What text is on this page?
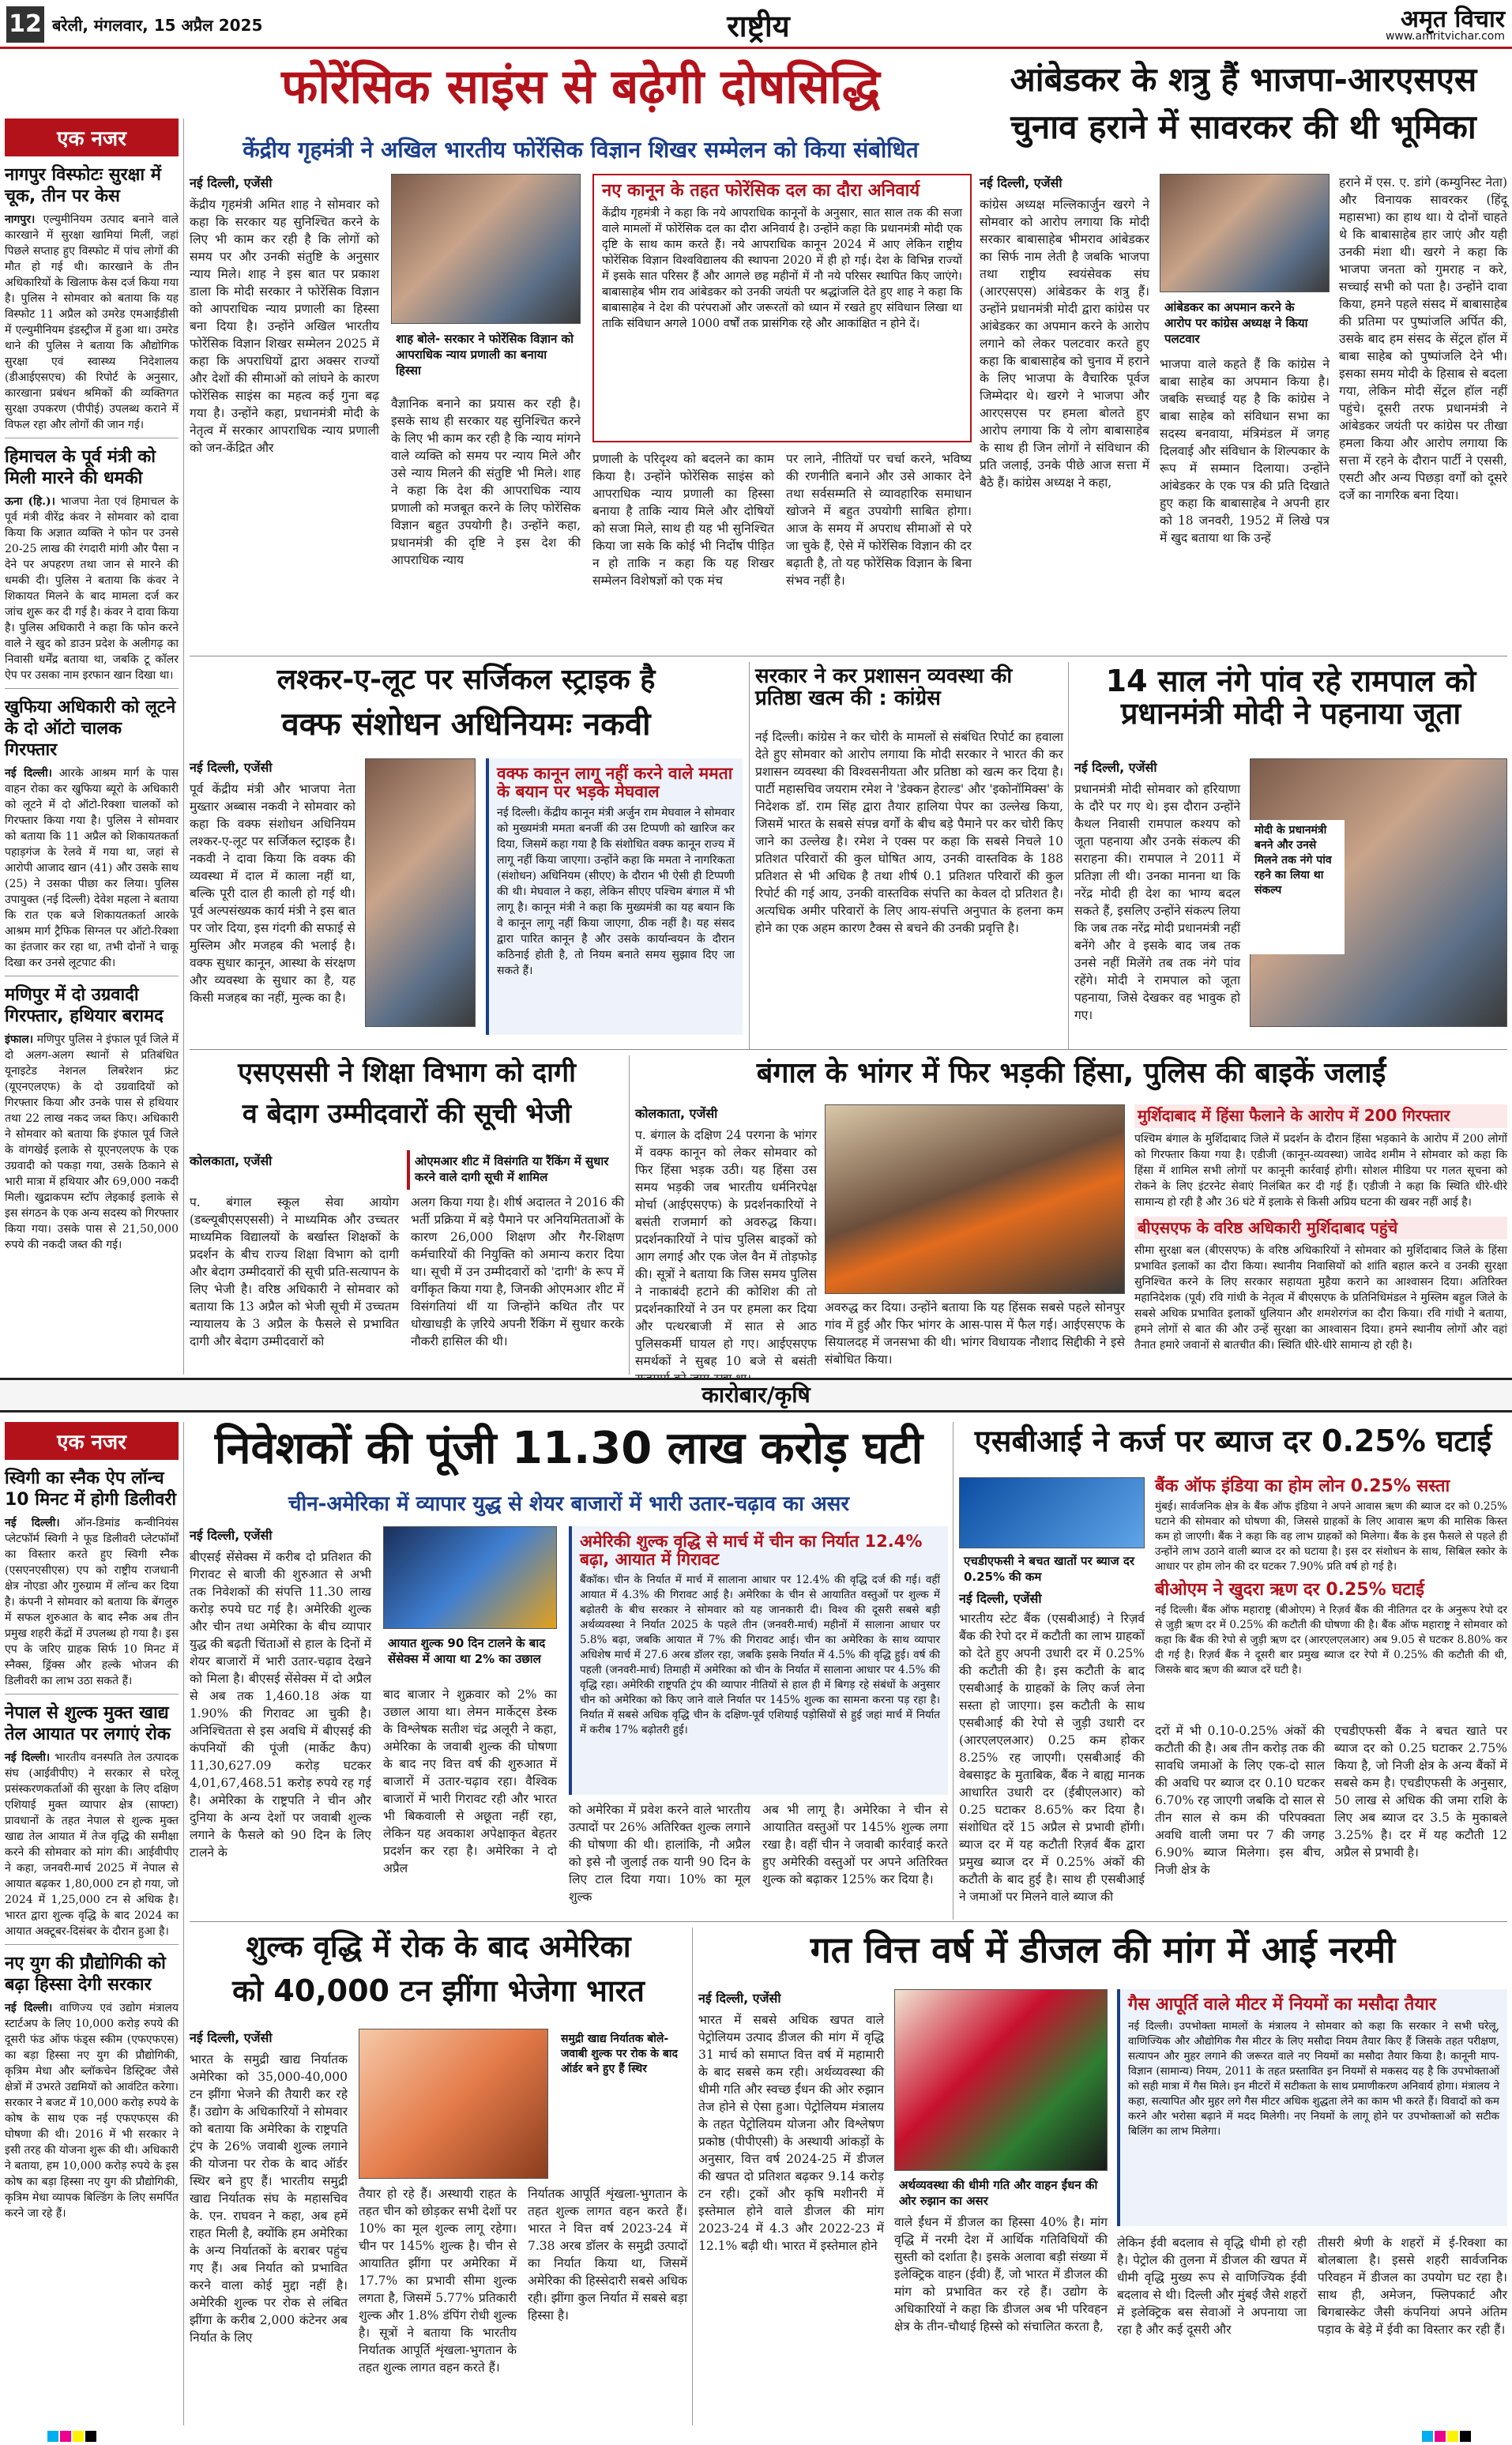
12 बरेली, मंगलवार, 15 अप्रैल 2025	राष्ट्रीय	अमृत विचार
www.amritvichar.com
एक नजर
नागपुर विस्फोटः सुरक्षा में चूक, तीन पर केस
नागपुर। एल्युमीनियम उत्पाद बनाने वाले कारखाने में सुरक्षा खामियां मिलीं, जहां पिछले सप्ताह हुए विस्फोट में पांच लोगों की मौत हो गई थी। कारखाने के तीन अधिकारियों के खिलाफ केस दर्ज किया गया है। पुलिस ने सोमवार को बताया कि यह विस्फोट 11 अप्रैल को उमरेड एमआईडीसी में एल्युमीनियम इंडस्ट्रीज में हुआ था। उमरेड थाने की पुलिस ने बताया कि औद्योगिक सुरक्षा एवं स्वास्थ्य निदेशालय (डीआईएसएच) की रिपोर्ट के अनुसार, कारखाना प्रबंधन श्रमिकों की व्यक्तिगत सुरक्षा उपकरण (पीपीई) उपलब्ध कराने में विफल रहा और लोगों की जान गई।
हिमाचल के पूर्व मंत्री को मिली मारने की धमकी
ऊना (हि.)। भाजपा नेता एवं हिमाचल के पूर्व मंत्री वीरेंद्र कंवर ने सोमवार को दावा किया कि अज्ञात व्यक्ति ने फोन पर उनसे 20-25 लाख की रंगदारी मांगी और पैसा न देने पर अपहरण तथा जान से मारने की धमकी दी। पुलिस ने बताया कि कंवर ने शिकायत मिलने के बाद मामला दर्ज कर जांच शुरू कर दी गई है। कंवर ने दावा किया है। पुलिस अधिकारी ने कहा कि फोन करने वाले ने खुद को डाउन प्रदेश के अलीगढ़ का निवासी धर्मेंद्र बताया था, जबकि टू कॉलर ऐप पर उसका नाम इरफान खान दिखा था।
खुफिया अधिकारी को लूटने के दो ऑटो चालक गिरफ्तार
नई दिल्ली। आरके आश्रम मार्ग के पास वाहन रोका कर खुफिया ब्यूरो के अधिकारी को लूटने में दो ऑटो-रिक्शा चालकों को गिरफ्तार किया गया है। पुलिस ने सोमवार को बताया कि 11 अप्रैल को शिकायतकर्ता पहाड़गंज के रेलवे में गया था, जहां से आरोपी आजाद खान (41) और उसके साथ (25) ने उसका पीछा कर लिया। पुलिस उपायुक्त (नई दिल्ली) देवेश महला ने बताया कि रात एक बजे शिकायतकर्ता आरके आश्रम मार्ग ट्रैफिक सिग्नल पर ऑटो-रिक्शा का इंतजार कर रहा था, तभी दोनों ने चाकू दिखा कर उनसे लूटपाट की।
मणिपुर में दो उग्रवादी गिरफ्तार, हथियार बरामद
इंफाल। मणिपुर पुलिस ने इंफाल पूर्व जिले में दो अलग-अलग स्थानों से प्रतिबंधित यूनाइटेड नेशनल लिबरेशन फ्रंट (यूएनएलएफ) के दो उग्रवादियों को गिरफ्तार किया और उनके पास से हथियार तथा 22 लाख नकद जब्त किए। अधिकारी ने सोमवार को बताया कि इंफाल पूर्व जिले के वांगखेई इलाके से यूएनएलएफ के एक उग्रवादी को पकड़ा गया, उसके ठिकाने से भारी मात्रा में हथियार और 69,000 नकदी मिली। खुद्राकपम स्टॉप लेइकाई इलाके से इस संगठन के एक अन्य सदस्य को गिरफ्तार किया गया। उसके पास से 21,50,000 रुपये की नकदी जब्त की गई।
फोरेंसिक साइंस से बढ़ेगी दोषसिद्धि
केंद्रीय गृहमंत्री ने अखिल भारतीय फोरेंसिक विज्ञान शिखर सम्मेलन को किया संबोधित
नई दिल्ली, एजेंसी
केंद्रीय गृहमंत्री अमित शाह ने सोमवार को कहा कि सरकार यह सुनिश्चित करने के लिए भी काम कर रही है कि लोगों को समय पर और उनकी संतुष्टि के अनुसार न्याय मिले। शाह ने इस बात पर प्रकाश डाला कि मोदी सरकार ने फोरेंसिक विज्ञान को आपराधिक न्याय प्रणाली का हिस्सा बना दिया है। उन्होंने अखिल भारतीय फोरेंसिक विज्ञान शिखर सम्मेलन 2025 में कहा कि अपराधियों द्वारा अक्सर राज्यों और देशों की सीमाओं को लांघने के कारण फोरेंसिक साइंस का महत्व कई गुना बढ़ गया है। उन्होंने कहा, प्रधानमंत्री मोदी के नेतृत्व में सरकार आपराधिक न्याय प्रणाली को जन-केंद्रित और
शाह बोले- सरकार ने फोरेंसिक विज्ञान को आपराधिक न्याय प्रणाली का बनाया हिस्सा
वैज्ञानिक बनाने का प्रयास कर रही है। इसके साथ ही सरकार यह सुनिश्चित करने के लिए भी काम कर रही है कि न्याय मांगने वाले व्यक्ति को समय पर न्याय मिले और उसे न्याय मिलने की संतुष्टि भी मिले। शाह ने कहा कि देश की आपराधिक न्याय प्रणाली को मजबूत करने के लिए फोरेंसिक विज्ञान बहुत उपयोगी है। उन्होंने कहा, प्रधानमंत्री की दृष्टि ने इस देश की आपराधिक न्याय
नए कानून के तहत फोरेंसिक दल का दौरा अनिवार्य
केंद्रीय गृहमंत्री ने कहा कि नये आपराधिक कानूनों के अनुसार, सात साल तक की सजा वाले मामलों में फोरेंसिक दल का दौरा अनिवार्य है। उन्होंने कहा कि प्रधानमंत्री मोदी एक दृष्टि के साथ काम करते हैं। नये आपराधिक कानून 2024 में आए लेकिन राष्ट्रीय फोरेंसिक विज्ञान विश्वविद्यालय की स्थापना 2020 में ही हो गई। देश के विभिन्न राज्यों में इसके सात परिसर हैं और आगले छह महीनों में नौ नये परिसर स्थापित किए जाएंगे। बाबासाहेब भीम राव आंबेडकर को उनकी जयंती पर श्रद्धांजलि देते हुए शाह ने कहा कि बाबासाहेब ने देश की परंपराओं और जरूरतों को ध्यान में रखते हुए संविधान लिखा था ताकि संविधान अगले 1000 वर्षों तक प्रासंगिक रहे और आकांक्षित न होने दें।
प्रणाली के परिदृश्य को बदलने का काम किया है। उन्होंने फोरेंसिक साइंस को आपराधिक न्याय प्रणाली का हिस्सा बनाया है ताकि न्याय मिले और दोषियों को सजा मिले, साथ ही यह भी सुनिश्चित किया जा सके कि कोई भी निर्दोष पीड़ित न हो ताकि न कहा कि यह शिखर सम्मेलन विशेषज्ञों को एक मंच
पर लाने, नीतियों पर चर्चा करने, भविष्य की रणनीति बनाने और उसे आकार देने तथा सर्वसम्मति से व्यावहारिक समाधान खोजने में बहुत उपयोगी साबित होगा। आज के समय में अपराध सीमाओं से परे जा चुके हैं, ऐसे में फोरेंसिक विज्ञान की दर बढ़ाती है, तो यह फोरेंसिक विज्ञान के बिना संभव नहीं है।
आंबेडकर के शत्रु हैं भाजपा-आरएसएस
चुनाव हराने में सावरकर की थी भूमिका
नई दिल्ली, एजेंसी
कांग्रेस अध्यक्ष मल्लिकार्जुन खरगे ने सोमवार को आरोप लगाया कि मोदी सरकार बाबासाहेब भीमराव आंबेडकर का सिर्फ नाम लेती है जबकि भाजपा तथा राष्ट्रीय स्वयंसेवक संघ (आरएसएस) आंबेडकर के शत्रु हैं। उन्होंने प्रधानमंत्री मोदी द्वारा कांग्रेस पर आंबेडकर का अपमान करने के आरोप लगाने को लेकर पलटवार करते हुए कहा कि बाबासाहेब को चुनाव में हराने के लिए भाजपा के वैचारिक पूर्वज जिम्मेदार थे। खरगे ने भाजपा और आरएसएस पर हमला बोलते हुए आरोप लगाया कि ये लोग बाबासाहेब के साथ ही जिन लोगों ने संविधान की प्रति जलाई, उनके पीछे आज सत्ता में बैठे हैं। कांग्रेस अध्यक्ष ने कहा,
आंबेडकर का अपमान करने के आरोप पर कांग्रेस अध्यक्ष ने किया पलटवार
भाजपा वाले कहते हैं कि कांग्रेस ने बाबा साहेब का अपमान किया है। जबकि सच्चाई यह है कि कांग्रेस ने बाबा साहेब को संविधान सभा का सदस्य बनवाया, मंत्रिमंडल में जगह दिलवाई और संविधान के शिल्पकार के रूप में सम्मान दिलाया। उन्होंने आंबेडकर के एक पत्र की प्रति दिखाते हुए कहा कि बाबासाहेब ने अपनी हार को 18 जनवरी, 1952 में लिखे पत्र में खुद बताया था कि उन्हें
हराने में एस. ए. डांगे (कम्युनिस्ट नेता) और विनायक सावरकर (हिंदू महासभा) का हाथ था। ये दोनों चाहते थे कि बाबासाहेब हार जाएं और यही उनकी मंशा थी। खरगे ने कहा कि भाजपा जनता को गुमराह न करे, सच्चाई सभी को पता है। उन्होंने दावा किया, हमने पहले संसद में बाबासाहेब की प्रतिमा पर पुष्पांजलि अर्पित की, उसके बाद हम संसद के सेंट्रल हॉल में बाबा साहेब को पुष्पांजलि देने भी। इसका समय मोदी के हिसाब से बदला गया, लेकिन मोदी सेंट्रल हॉल नहीं पहुंचे। दूसरी तरफ प्रधानमंत्री ने आंबेडकर जयंती पर कांग्रेस पर तीखा हमला किया और आरोप लगाया कि सत्ता में रहने के दौरान पार्टी ने एससी, एसटी और अन्य पिछड़ा वर्गों को दूसरे दर्जे का नागरिक बना दिया।
लश्कर-ए-लूट पर सर्जिकल स्ट्राइक है
वक्फ संशोधन अधिनियमः नकवी
नई दिल्ली, एजेंसी
पूर्व केंद्रीय मंत्री और भाजपा नेता मुख्तार अब्बास नकवी ने सोमवार को कहा कि वक्फ संशोधन अधिनियम लश्कर-ए-लूट पर सर्जिकल स्ट्राइक है। नकवी ने दावा किया कि वक्फ की व्यवस्था में दाल में काला नहीं था, बल्कि पूरी दाल ही काली हो गई थी। पूर्व अल्पसंख्यक कार्य मंत्री ने इस बात पर जोर दिया, इस गंदगी की सफाई से मुस्लिम और मजहब की भलाई है। वक्फ सुधार कानून, आस्था के संरक्षण और व्यवस्था के सुधार का है, यह किसी मजहब का नहीं, मुल्क का है।
वक्फ कानून लागू नहीं करने वाले ममता के बयान पर भड़के मेघवाल
नई दिल्ली। केंद्रीय कानून मंत्री अर्जुन राम मेघवाल ने सोमवार को मुख्यमंत्री ममता बनर्जी की उस टिप्पणी को खारिज कर दिया, जिसमें कहा गया है कि संशोधित वक्फ कानून राज्य में लागू नहीं किया जाएगा। उन्होंने कहा कि ममता ने नागरिकता (संशोधन) अधिनियम (सीएए) के दौरान भी ऐसी ही टिप्पणी की थी। मेघवाल ने कहा, लेकिन सीएए पश्चिम बंगाल में भी लागू है। कानून मंत्री ने कहा कि मुख्यमंत्री का यह बयान कि वे कानून लागू नहीं किया जाएगा, ठीक नहीं है। यह संसद द्वारा पारित कानून है और उसके कार्यान्वयन के दौरान कठिनाई होती है, तो नियम बनाते समय सुझाव दिए जा सकते हैं।
सरकार ने कर प्रशासन व्यवस्था की प्रतिष्ठा खत्म की : कांग्रेस
नई दिल्ली। कांग्रेस ने कर चोरी के मामलों से संबंधित रिपोर्ट का हवाला देते हुए सोमवार को आरोप लगाया कि मोदी सरकार ने भारत की कर प्रशासन व्यवस्था की विश्वसनीयता और प्रतिष्ठा को खत्म कर दिया है। पार्टी महासचिव जयराम रमेश ने 'डेक्कन हेराल्ड' और 'इकोनॉमिक्स' के निदेशक डॉ. राम सिंह द्वारा तैयार हालिया पेपर का उल्लेख किया, जिसमें भारत के सबसे संपन्न वर्गों के बीच बड़े पैमाने पर कर चोरी किए जाने का उल्लेख है। रमेश ने एक्स पर कहा कि सबसे निचले 10 प्रतिशत परिवारों की कुल घोषित आय, उनकी वास्तविक के 188 प्रतिशत से भी अधिक है तथा शीर्ष 0.1 प्रतिशत परिवारों की कुल रिपोर्ट की गई आय, उनकी वास्तविक संपत्ति का केवल दो प्रतिशत है। अत्यधिक अमीर परिवारों के लिए आय-संपत्ति अनुपात के हलना कम होने का एक अहम कारण टैक्स से बचने की उनकी प्रवृत्ति है।
14 साल नंगे पांव रहे रामपाल को प्रधानमंत्री मोदी ने पहनाया जूता
नई दिल्ली, एजेंसी
प्रधानमंत्री मोदी सोमवार को हरियाणा के दौरे पर गए थे। इस दौरान उन्होंने कैथल निवासी रामपाल कश्यप को जूता पहनाया और उनके संकल्प की सराहना की। रामपाल ने 2011 में प्रतिज्ञा ली थी। उनका मानना था कि नरेंद्र मोदी ही देश का भाग्य बदल सकते हैं, इसलिए उन्होंने संकल्प लिया कि जब तक नरेंद्र मोदी प्रधानमंत्री नहीं बनेंगे और वे इसके बाद जब तक उनसे नहीं मिलेंगे तब तक नंगे पांव रहेंगे। मोदी ने रामपाल को जूता पहनाया, जिसे देखकर वह भावुक हो गए।
मोदी के प्रधानमंत्री बनने और उनसे मिलने तक नंगे पांव रहने का लिया था संकल्प
एसएससी ने शिक्षा विभाग को दागी
व बेदाग उम्मीदवारों की सूची भेजी
कोलकाता, एजेंसी	ओएमआर शीट में विसंगति या रैंकिंग में सुधार करने वाले दागी सूची में शामिल
प. बंगाल स्कूल सेवा आयोग (डब्ल्यूबीएसएससी) ने माध्यमिक और उच्चतर माध्यमिक विद्यालयों के बर्खास्त शिक्षकों के प्रदर्शन के बीच राज्य शिक्षा विभाग को दागी और बेदाग उम्मीदवारों की सूची प्रति-सत्यापन के लिए भेजी है। वरिष्ठ अधिकारी ने सोमवार को बताया कि 13 अप्रैल को भेजी सूची में उच्चतम न्यायालय के 3 अप्रैल के फैसले से प्रभावित दागी और बेदाग उम्मीदवारों को
अलग किया गया है। शीर्ष अदालत ने 2016 की भर्ती प्रक्रिया में बड़े पैमाने पर अनियमितताओं के कारण 26,000 शिक्षण और गैर-शिक्षण कर्मचारियों की नियुक्ति को अमान्य करार दिया था। सूची में उन उम्मीदवारों को 'दागी' के रूप में वर्गीकृत किया गया है, जिनकी ओएमआर शीट में विसंगतियां थीं या जिन्होंने कथित तौर पर धोखाधड़ी के ज़रिये अपनी रैंकिंग में सुधार करके नौकरी हासिल की थी।
बंगाल के भांगर में फिर भड़की हिंसा, पुलिस की बाइकें जलाईं
कोलकाता, एजेंसी
प. बंगाल के दक्षिण 24 परगना के भांगर में वक्फ कानून को लेकर सोमवार को फिर हिंसा भड़क उठी। यह हिंसा उस समय भड़की जब भारतीय धर्मनिरपेक्ष मोर्चा (आईएसएफ) के प्रदर्शनकारियों ने बसंती राजमार्ग को अवरुद्ध किया। प्रदर्शनकारियों ने पांच पुलिस बाइकों को आग लगाई और एक जेल वैन में तोड़फोड़ की। सूत्रों ने बताया कि जिस समय पुलिस ने नाकाबंदी हटाने की कोशिश की तो प्रदर्शनकारियों ने उन पर हमला कर दिया और पत्थरबाजी में सात से आठ पुलिसकर्मी घायल हो गए। आईएसएफ समर्थकों ने सुबह 10 बजे से बसंती
अवरुद्ध कर दिया। उन्होंने बताया कि यह हिंसक सबसे पहले सोनपुर गांव में हुई और फिर भांगर के आस-पास में फैल गई। आईएसएफ के सियालदह में जनसभा की थी। भांगर विधायक नौशाद सिद्दीकी ने इसे संबोधित किया।
मुर्शिदाबाद में हिंसा फैलाने के आरोप में 200 गिरफ्तार
पश्चिम बंगाल के मुर्शिदाबाद जिले में प्रदर्शन के दौरान हिंसा भड़काने के आरोप में 200 लोगों को गिरफ्तार किया गया है। एडीजी (कानून-व्यवस्था) जावेद शमीम ने सोमवार को कहा कि हिंसा में शामिल सभी लोगों पर कानूनी कार्रवाई होगी। सोशल मीडिया पर गलत सूचना को रोकने के लिए इंटरनेट सेवाएं निलंबित कर दी गई हैं। एडीजी ने कहा कि स्थिति धीरे-धीरे सामान्य हो रही है और 36 घंटे में इलाके से किसी अप्रिय घटना की खबर नहीं आई है।
बीएसएफ के वरिष्ठ अधिकारी मुर्शिदाबाद पहुंचे
सीमा सुरक्षा बल (बीएसएफ) के वरिष्ठ अधिकारियों ने सोमवार को मुर्शिदाबाद जिले के हिंसा प्रभावित इलाकों का दौरा किया। स्थानीय निवासियों को शांति बहाल करने व उनकी सुरक्षा सुनिश्चित करने के लिए सरकार सहायता मुहैया कराने का आश्वासन दिया। अतिरिक्त महानिदेशक (पूर्व) रवि गांधी के नेतृत्व में बीएसएफ के प्रतिनिधिमंडल ने मुस्लिम बहुल जिले के सबसे अधिक प्रभावित इलाकों धुलियान और शमशेरगंज का दौरा किया। रवि गांधी ने बताया, हमने लोगों से बात की और उन्हें सुरक्षा का आश्वासन दिया। हमने स्थानीय लोगों और वहां तैनात हमारे जवानों से बातचीत की। स्थिति धीरे-धीरे सामान्य हो रही है।
कारोबार/कृषि
एक नजर
स्विगी का स्नैक ऐप लॉन्च 10 मिनट में होगी डिलीवरी
नई दिल्ली। ऑन-डिमांड कन्वीनियंस प्लेटफॉर्म स्विगी ने फूड डिलीवरी प्लेटफॉर्मों का विस्तार करते हुए स्विगी स्नैक (एसएनएसीएस) एप को राष्ट्रीय राजधानी क्षेत्र नोएडा और गुरुग्राम में लॉन्च कर दिया है। कंपनी ने सोमवार को बताया कि बेंगलुरु में सफल शुरुआत के बाद स्नैक अब तीन प्रमुख शहरी केंद्रों में उपलब्ध हो गया है। इस एप के जरिए ग्राहक सिर्फ 10 मिनट में स्नैक्स, ड्रिंक्स और हल्के भोजन की डिलीवरी का लाभ उठा सकते हैं।
नेपाल से शुल्क मुक्त खाद्य तेल आयात पर लगाएं रोक
नई दिल्ली। भारतीय वनस्पति तेल उत्पादक संघ (आईवीपीए) ने सरकार से घरेलू प्रसंस्करणकर्ताओं की सुरक्षा के लिए दक्षिण एशियाई मुक्त व्यापार क्षेत्र (साफ्टा) प्रावधानों के तहत नेपाल से शुल्क मुक्त खाद्य तेल आयात में तेज वृद्धि की समीक्षा करने की सोमवार को मांग की। आईवीपीए ने कहा, जनवरी-मार्च 2025 में नेपाल से आयात बढ़कर 1,80,000 टन हो गया, जो 2024 में 1,25,000 टन से अधिक है। भारत द्वारा शुल्क वृद्धि के बाद 2024 का आयात अक्टूबर-दिसंबर के दौरान हुआ है।
नए युग की प्रौद्योगिकी को बढ़ा हिस्सा देगी सरकार
नई दिल्ली। वाणिज्य एवं उद्योग मंत्रालय स्टार्टअप के लिए 10,000 करोड़ रुपये की दूसरी फंड ऑफ फंड्स स्कीम (एफएफएस) का बड़ा हिस्सा नए युग की प्रौद्योगिकी, कृत्रिम मेधा और ब्लॉकचेन डिस्ट्रिक्ट जैसे क्षेत्रों में उभरते उद्यमियों को आवंटित करेगा। सरकार ने बजट में 10,000 करोड़ रुपये के कोष के साथ एक नई एफएफएस की घोषणा की थी। 2016 में भी सरकार ने इसी तरह की योजना शुरू की थी। अधिकारी ने बताया, हम 10,000 करोड़ रुपये के इस कोष का बड़ा हिस्सा नए युग की प्रौद्योगिकी, कृत्रिम मेधा व्यापक बिल्डिंग के लिए समर्पित करने जा रहे हैं।
निवेशकों की पूंजी 11.30 लाख करोड़ घटी
चीन-अमेरिका में व्यापार युद्ध से शेयर बाजारों में भारी उतार-चढ़ाव का असर
नई दिल्ली, एजेंसी
बीएसई सेंसेक्स में करीब दो प्रतिशत की गिरावट से बाजी की शुरुआत से अभी तक निवेशकों की संपत्ति 11.30 लाख करोड़ रुपये घट गई है। अमेरिकी शुल्क और चीन तथा अमेरिका के बीच व्यापार युद्ध की बढ़ती चिंताओं से हाल के दिनों में शेयर बाजारों में भारी उतार-चढ़ाव देखने को मिला है। बीएसई सेंसेक्स में दो अप्रैल से अब तक 1,460.18 अंक या 1.90% की गिरावट आ चुकी है। अनिश्चितता से इस अवधि में बीएसई की कंपनियों की पूंजी (मार्केट कैप) 11,30,627.09 करोड़ घटकर 4,01,67,468.51 करोड़ रुपये रह गई है। अमेरिका के राष्ट्रपति ने चीन और दुनिया के अन्य देशों पर जवाबी शुल्क लगाने के फैसले को 90 दिन के लिए टालने के
आयात शुल्क 90 दिन टालने के बाद सेंसेक्स में आया था 2% का उछाल
बाद बाजार ने शुक्रवार को 2% का उछाल आया था। लेमन मार्केट्स डेस्क के विश्लेषक सतीश चंद्र अलूरी ने कहा, अमेरिका के जवाबी शुल्क की घोषणा के बाद नए वित्त वर्ष की शुरुआत में बाजारों में उतार-चढ़ाव रहा। वैश्विक बाजारों में भारी गिरावट रही और भारत भी बिकवाली से अछूता नहीं रहा, लेकिन यह अवकाश अपेक्षाकृत बेहतर प्रदर्शन कर रहा है। अमेरिका ने दो अप्रैल
अमेरिकी शुल्क वृद्धि से मार्च में चीन का निर्यात 12.4% बढ़ा, आयात में गिरावट
बैंकॉक। चीन के निर्यात में मार्च में सालाना आधार पर 12.4% की वृद्धि दर्ज की गई। वहीं आयात में 4.3% की गिरावट आई है। अमेरिका के चीन से आयातित वस्तुओं पर शुल्क में बढ़ोतरी के बीच सरकार ने सोमवार को यह जानकारी दी। विश्व की दूसरी सबसे बड़ी अर्थव्यवस्था ने निर्यात 2025 के पहले तीन (जनवरी-मार्च) महीनों में सालाना आधार पर 5.8% बढ़ा, जबकि आयात में 7% की गिरावट आई। चीन का अमेरिका के साथ व्यापार अधिशेष मार्च में 27.6 अरब डॉलर रहा, जबकि इसके निर्यात में 4.5% की वृद्धि हुई। वर्ष की पहली (जनवरी-मार्च) तिमाही में अमेरिका को चीन के निर्यात में सालाना आधार पर 4.5% की वृद्धि रहा। अमेरिकी राष्ट्रपति ट्रंप की व्यापार नीतियों से हाल ही में बिगड़ रहे संबंधों के अनुसार चीन को अमेरिका को किए जाने वाले निर्यात पर 145% शुल्क का सामना करना पड़ रहा है। निर्यात में सबसे अधिक वृद्धि चीन के दक्षिण-पूर्व एशियाई पड़ोसियों से हुई जहां मार्च में निर्यात में करीब 17% बढ़ोतरी हुई।
को अमेरिका में प्रवेश करने वाले भारतीय उत्पादों पर 26% अतिरिक्त शुल्क लगाने की घोषणा की थी। हालांकि, नौ अप्रैल को इसे नौ जुलाई तक यानी 90 दिन के लिए टाल दिया गया। 10% का मूल शुल्क
अब भी लागू है। अमेरिका ने चीन से आयातित वस्तुओं पर 145% शुल्क लगा रखा है। वहीं चीन ने जवाबी कार्रवाई करते हुए अमेरिकी वस्तुओं पर अपने अतिरिक्त शुल्क को बढ़ाकर 125% कर दिया है।
एसबीआई ने कर्ज पर ब्याज दर 0.25% घटाई
एचडीएफसी ने बचत खातों पर ब्याज दर 0.25% की कम
नई दिल्ली, एजेंसी
भारतीय स्टेट बैंक (एसबीआई) ने रिज़र्व बैंक की रेपो दर में कटौती का लाभ ग्राहकों को देते हुए अपनी उधारी दर में 0.25% की कटौती की है। इस कटौती के बाद एसबीआई के ग्राहकों के लिए कर्ज लेना सस्ता हो जाएगा। इस कटौती के साथ एसबीआई की रेपो से जुड़ी उधारी दर (आरएलएलआर) 0.25 कम होकर 8.25% रह जाएगी। एसबीआई की वेबसाइट के मुताबिक, बैंक ने बाह्य मानक आधारित उधारी दर (ईबीएलआर) को 0.25 घटाकर 8.65% कर दिया है। संशोधित दरें 15 अप्रैल से प्रभावी होंगी। ब्याज दर में यह कटौती रिज़र्व बैंक द्वारा प्रमुख ब्याज दर में 0.25% अंकों की कटौती के बाद हुई है। साथ ही एसबीआई ने जमाओं पर मिलने वाले ब्याज की
बैंक ऑफ इंडिया का होम लोन 0.25% सस्ता
मुंबई। सार्वजनिक क्षेत्र के बैंक ऑफ इंडिया ने अपने आवास ऋण की ब्याज दर को 0.25% घटाने की सोमवार को घोषणा की, जिससे ग्राहकों के लिए आवास ऋण की मासिक किस्त कम हो जाएगी। बैंक ने कहा कि वह लाभ ग्राहकों को मिलेगा। बैंक के इस फैसले से पहले ही उन्होंने लाभ उठाने वाली ब्याज दर को घटाया है। इस दर संशोधन के साथ, सिबिल स्कोर के आधार पर होम लोन की दर घटकर 7.90% प्रति वर्ष हो गई है।
बीओएम ने खुदरा ऋण दर 0.25% घटाई
नई दिल्ली। बैंक ऑफ महाराष्ट्र (बीओएम) ने रिज़र्व बैंक की नीतिगत दर के अनुरूप रेपो दर से जुड़ी ऋण दर में 0.25% की कटौती की घोषणा की है। बैंक ऑफ महाराष्ट्र ने सोमवार को कहा कि बैंक की रेपो से जुड़ी ऋण दर (आरएलएलआर) अब 9.05 से घटकर 8.80% कर दी गई है। रिज़र्व बैंक ने दूसरी बार प्रमुख ब्याज दर रेपो में 0.25% की कटौती की थी, जिसके बाद ऋण की ब्याज दरें घटी है।
दरों में भी 0.10-0.25% अंकों की कटौती की है। अब तीन करोड़ तक की सावधि जमाओं के लिए एक-दो साल की अवधि पर ब्याज दर 0.10 घटकर 6.70% रह जाएगी जबकि दो साल से तीन साल से कम की परिपक्वता अवधि वाली जमा पर 7 की जगह 6.90% ब्याज मिलेगा। इस बीच, निजी क्षेत्र के
एचडीएफसी बैंक ने बचत खाते पर ब्याज दर को 0.25 घटाकर 2.75% किया है, जो निजी क्षेत्र के अन्य बैंकों में सबसे कम है। एचडीएफसी के अनुसार, 50 लाख से अधिक की जमा राशि के लिए अब ब्याज दर 3.5 के मुकाबले 3.25% है। दर में यह कटौती 12 अप्रैल से प्रभावी है।
शुल्क वृद्धि में रोक के बाद अमेरिका
को 40,000 टन झींगा भेजेगा भारत
नई दिल्ली, एजेंसी
भारत के समुद्री खाद्य निर्यातक अमेरिका को 35,000-40,000 टन झींगा भेजने की तैयारी कर रहे हैं। उद्योग के अधिकारियों ने सोमवार को बताया कि अमेरिका के राष्ट्रपति ट्रंप के 26% जवाबी शुल्क लगाने की योजना पर रोक के बाद ऑर्डर स्थिर बने हुए हैं। भारतीय समुद्री खाद्य निर्यातक संघ के महासचिव के. एन. राघवन ने कहा, अब हमें राहत मिली है, क्योंकि हम अमेरिका के अन्य निर्यातकों के बराबर पहुंच गए हैं। अब निर्यात को प्रभावित करने वाला कोई मुद्दा नहीं है। अमेरिकी शुल्क पर रोक से लंबित झींगा के करीब 2,000 कंटेनर अब निर्यात के लिए
समुद्री खाद्य निर्यातक बोले- जवाबी शुल्क पर रोक के बाद ऑर्डर बने हुए हैं स्थिर
तैयार हो रहे हैं। अस्थायी राहत के तहत चीन को छोड़कर सभी देशों पर 10% का मूल शुल्क लागू रहेगा। चीन पर 145% शुल्क है। चीन से आयातित झींगा पर अमेरिका में 17.7% का प्रभावी सीमा शुल्क लगता है, जिसमें 5.77% प्रतिकारी शुल्क और 1.8% डंपिंग रोधी शुल्क है। सूत्रों ने बताया कि भारतीय निर्यातक आपूर्ति शृंखला-भुगतान के तहत शुल्क लागत वहन करते हैं।
निर्यातक आपूर्ति शृंखला-भुगतान के तहत शुल्क लागत वहन करते हैं। भारत ने वित्त वर्ष 2023-24 में 7.38 अरब डॉलर के समुद्री उत्पादों का निर्यात किया था, जिसमें अमेरिका की हिस्सेदारी सबसे अधिक रही। झींगा कुल निर्यात में सबसे बड़ा हिस्सा है।
गत वित्त वर्ष में डीजल की मांग में आई नरमी
नई दिल्ली, एजेंसी
भारत में सबसे अधिक खपत वाले पेट्रोलियम उत्पाद डीजल की मांग में वृद्धि 31 मार्च को समाप्त वित्त वर्ष में महामारी के बाद सबसे कम रही। अर्थव्यवस्था की धीमी गति और स्वच्छ ईंधन की ओर रुझान तेज होने से ऐसा हुआ। पेट्रोलियम मंत्रालय के तहत पेट्रोलियम योजना और विश्लेषण प्रकोष्ठ (पीपीएसी) के अस्थायी आंकड़ों के अनुसार, वित्त वर्ष 2024-25 में डीजल की खपत दो प्रतिशत बढ़कर 9.14 करोड़ टन रही। ट्रकों और कृषि मशीनरी में इस्तेमाल होने वाले डीजल की मांग 2023-24 में 4.3 और 2022-23 में 12.1% बढ़ी थी। भारत में इस्तेमाल होने
अर्थव्यवस्था की धीमी गति और वाहन ईंधन की ओर रुझान का असर
वाले ईंधन में डीजल का हिस्सा 40% है। मांग वृद्धि में नरमी देश में आर्थिक गतिविधियों की सुस्ती को दर्शाता है। इसके अलावा बड़ी संख्या में इलेक्ट्रिक वाहन (ईवी) हैं, जो भारत में डीजल की मांग को प्रभावित कर रहे हैं। उद्योग के अधिकारियों ने कहा कि डीजल अब भी परिवहन क्षेत्र के तीन-चौथाई हिस्से को संचालित करता है,
गैस आपूर्ति वाले मीटर में नियमों का मसौदा तैयार
नई दिल्ली। उपभोक्ता मामलों के मंत्रालय ने सोमवार को कहा कि सरकार ने सभी घरेलू, वाणिज्यिक और औद्योगिक गैस मीटर के लिए मसौदा नियम तैयार किए हैं जिसके तहत परीक्षण, सत्यापन और मुहर लगाने की जरूरत वाले नए नियमों का मसौदा तैयार किया है। कानूनी माप-विज्ञान (सामान्य) नियम, 2011 के तहत प्रस्तावित इन नियमों से मकसद यह है कि उपभोक्ताओं को सही मात्रा में गैस मिले। इन मीटरों में सटीकता के साथ प्रमाणीकरण अनिवार्य होगा। मंत्रालय ने कहा, सत्यापित और मुहर लगे गैस मीटर अधिक शुद्धता लेने का काम भी करते हैं। विवादों को कम करने और भरोसा बढ़ाने में मदद मिलेगी। नए नियमों के लागू होने पर उपभोक्ताओं को सटीक बिलिंग का लाभ मिलेगा।
लेकिन ईवी बदलाव से वृद्धि धीमी हो रही है। पेट्रोल की तुलना में डीजल की खपत में धीमी वृद्धि मुख्य रूप से वाणिज्यिक ईवी बदलाव से थी। दिल्ली और मुंबई जैसे शहरों में इलेक्ट्रिक बस सेवाओं ने अपनाया जा रहा है और कई दूसरी और
तीसरी श्रेणी के शहरों में ई-रिक्शा का बोलबाला है। इससे शहरी सार्वजनिक परिवहन में डीजल का उपयोग घट रहा है। साथ ही, अमेजन, फ्लिपकार्ट और बिगबास्केट जैसी कंपनियां अपने अंतिम पड़ाव के बेड़े में ईवी का विस्तार कर रही हैं।
